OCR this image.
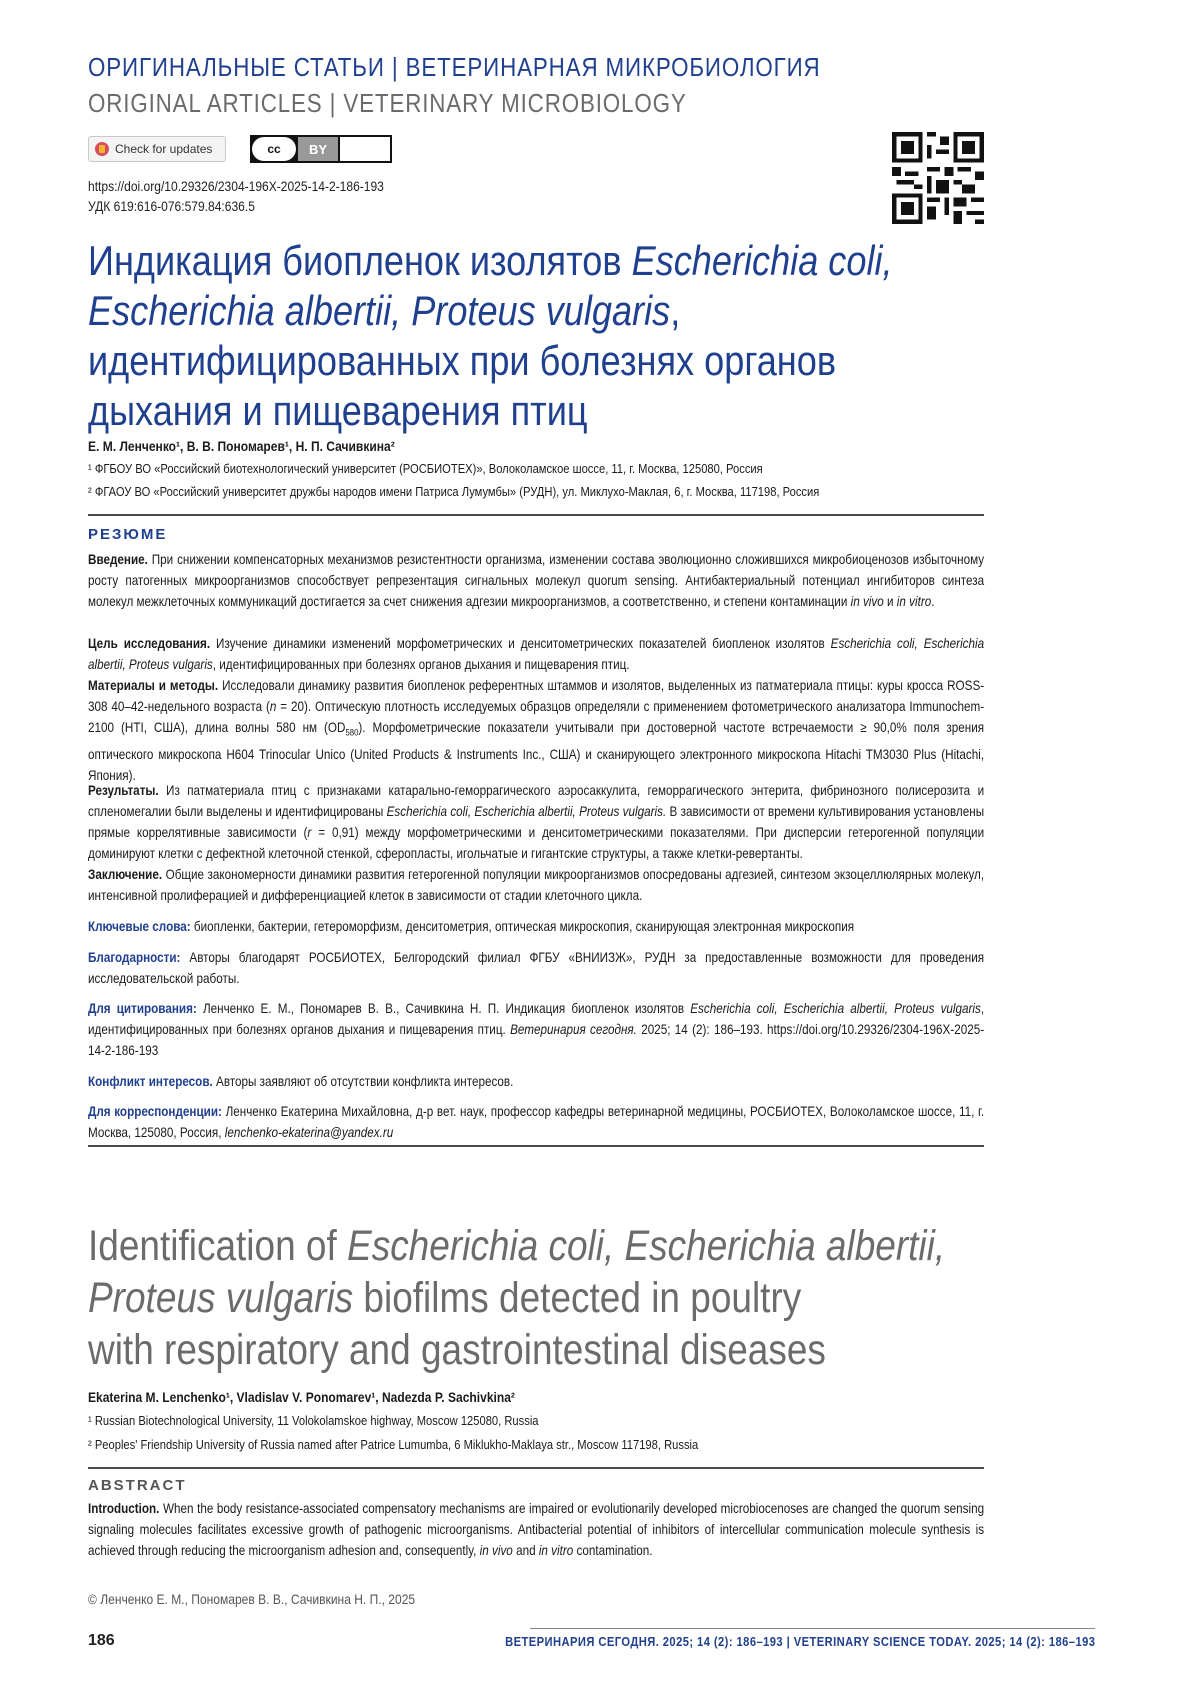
ОРИГИНАЛЬНЫЕ СТАТЬИ | ВЕТЕРИНАРНАЯ МИКРОБИОЛОГИЯ
ORIGINAL ARTICLES | VETERINARY MICROBIOLOGY
Check for updates	cc	BY
https://doi.org/10.29326/2304-196X-2025-14-2-186-193
УДК 619:616-076:579.84:636.5
Индикация биопленок изолятов Escherichia coli,
Escherichia albertii, Proteus vulgaris,
идентифицированных при болезнях органов
дыхания и пищеварения птиц
Е. М. Ленченко¹, В. В. Пономарев¹, Н. П. Сачивкина²
¹ ФГБОУ ВО «Российский биотехнологический университет (РОСБИОТЕХ)», Волоколамское шоссе, 11, г. Москва, 125080, Россия
² ФГАОУ ВО «Российский университет дружбы народов имени Патриса Лумумбы» (РУДН), ул. Миклухо-Маклая, 6, г. Москва, 117198, Россия
РЕЗЮМЕ
Введение. При снижении компенсаторных механизмов резистентности организма, изменении состава эволюционно сложившихся микробиоценозов избыточному росту патогенных микроорганизмов способствует репрезентация сигнальных молекул quorum sensing. Антибактериальный потенциал ингибиторов синтеза молекул межклеточных коммуникаций достигается за счет снижения адгезии микроорганизмов, а соответственно, и степени контаминации in vivo и in vitro.
Цель исследования. Изучение динамики изменений морфометрических и денситометрических показателей биопленок изолятов Escherichia coli, Escherichia albertii, Proteus vulgaris, идентифицированных при болезнях органов дыхания и пищеварения птиц.
Материалы и методы. Исследовали динамику развития биопленок референтных штаммов и изолятов, выделенных из патматериала птицы: куры кросса ROSS-308 40–42-недельного возраста (n = 20). Оптическую плотность исследуемых образцов определяли с применением фотометрического анализатора Immunochem-2100 (HTI, США), длина волны 580 нм $(OD_{580})$. Морфометрические показатели учитывали при достоверной частоте встречаемости ≥ 90,0% поля зрения оптического микроскопа H604 Trinocular Unico (United Products & Instruments Inc., США) и сканирующего электронного микроскопа Hitachi TM3030 Plus (Hitachi, Япония).
Результаты. Из патматериала птиц с признаками катарально-геморрагического аэросаккулита, геморрагического энтерита, фибринозного полисерозита и спленомегалии были выделены и идентифицированы Escherichia coli, Escherichia albertii, Proteus vulgaris. В зависимости от времени культивирования установлены прямые коррелятивные зависимости (r = 0,91) между морфометрическими и денситометрическими показателями. При дисперсии гетерогенной популяции доминируют клетки с дефектной клеточной стенкой, сферопласты, игольчатые и гигантские структуры, а также клетки-ревертанты.
Заключение. Общие закономерности динамики развития гетерогенной популяции микроорганизмов опосредованы адгезией, синтезом экзоцеллюлярных молекул, интенсивной пролиферацией и дифференциацией клеток в зависимости от стадии клеточного цикла.
Ключевые слова: биопленки, бактерии, гетероморфизм, денситометрия, оптическая микроскопия, сканирующая электронная микроскопия
Благодарности: Авторы благодарят РОСБИОТЕХ, Белгородский филиал ФГБУ «ВНИИЗЖ», РУДН за предоставленные возможности для проведения исследовательской работы.
Для цитирования: Ленченко Е. М., Пономарев В. В., Сачивкина Н. П. Индикация биопленок изолятов Escherichia coli, Escherichia albertii, Proteus vulgaris, идентифицированных при болезнях органов дыхания и пищеварения птиц. Ветеринария сегодня. 2025; 14 (2): 186–193. https://doi.org/10.29326/2304-196X-2025-14-2-186-193
Конфликт интересов. Авторы заявляют об отсутствии конфликта интересов.
Для корреспонденции: Ленченко Екатерина Михайловна, д-р вет. наук, профессор кафедры ветеринарной медицины, РОСБИОТЕХ, Волоколамское шоссе, 11, г. Москва, 125080, Россия, lenchenko-ekaterina@yandex.ru
Identification of Escherichia coli, Escherichia albertii,
Proteus vulgaris biofilms detected in poultry
with respiratory and gastrointestinal diseases
Ekaterina M. Lenchenko¹, Vladislav V. Ponomarev¹, Nadezda P. Sachivkina²
¹ Russian Biotechnological University, 11 Volokolamskoe highway, Moscow 125080, Russia
² Peoples' Friendship University of Russia named after Patrice Lumumba, 6 Miklukho-Maklaya str., Moscow 117198, Russia
ABSTRACT
Introduction. When the body resistance-associated compensatory mechanisms are impaired or evolutionarily developed microbiocenoses are changed the quorum sensing signaling molecules facilitates excessive growth of pathogenic microorganisms. Antibacterial potential of inhibitors of intercellular communication molecule synthesis is achieved through reducing the microorganism adhesion and, consequently, in vivo and in vitro contamination.
© Ленченко Е. М., Пономарев В. В., Сачивкина Н. П., 2025
186	ВЕТЕРИНАРИЯ СЕГОДНЯ. 2025; 14 (2): 186–193 | VETERINARY SCIENCE TODAY. 2025; 14 (2): 186–193
